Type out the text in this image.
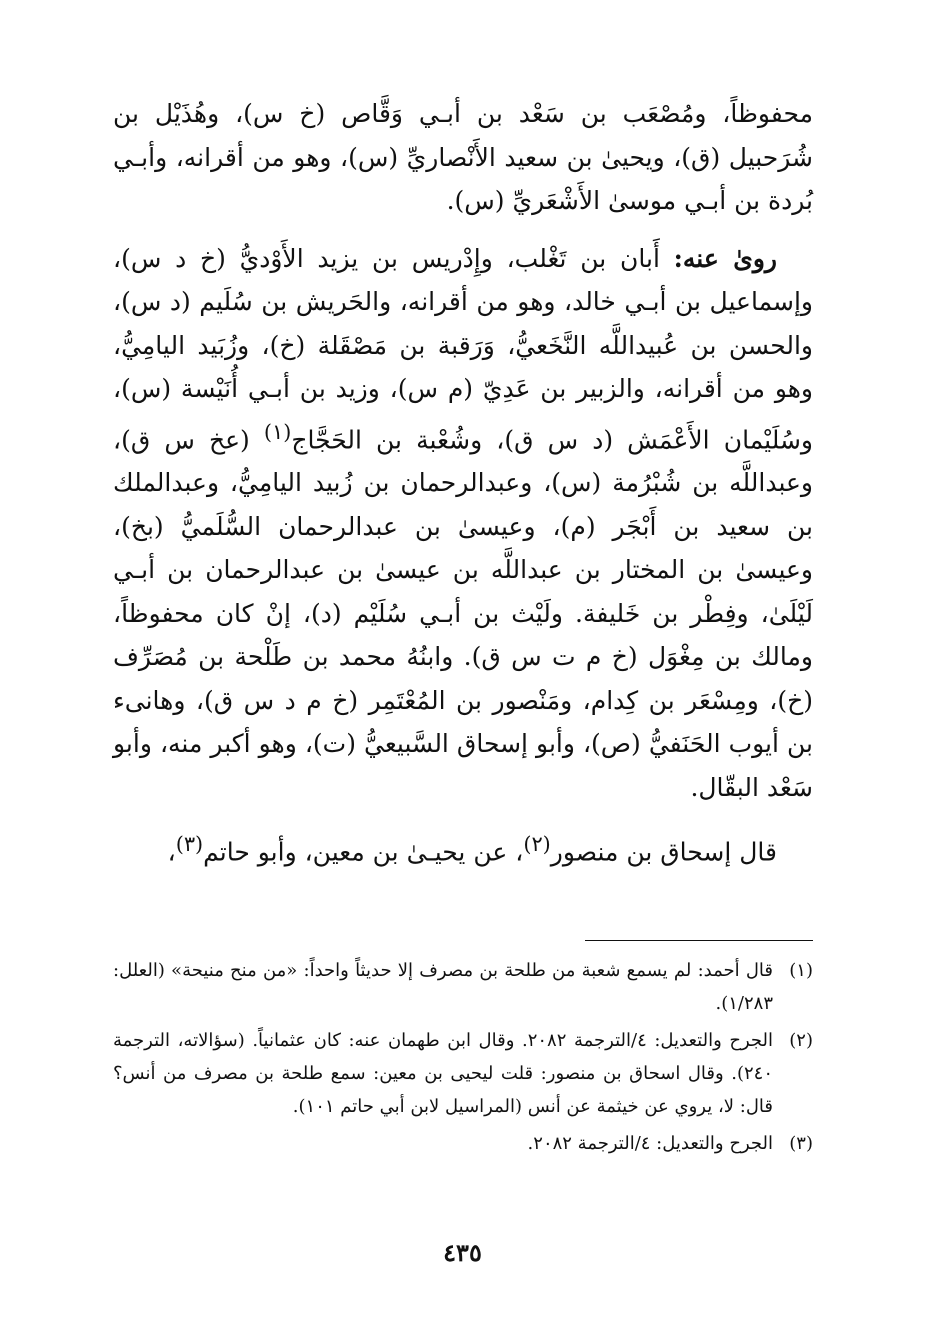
محفوظاً، ومُصْعَب بن سَعْد بن أبـي وَقَّاص (خ س)، وهُذَيْل بن شُرَحبيل (ق)، ويحيىٰ بن سعيد الأَنْصاريِّ (س)، وهو من أقرانه، وأبـي بُردة بن أبـي موسىٰ الأَشْعَريِّ (س).

روىٰ عنه: أَبان بن تَغْلب، وإِدْريس بن يزيد الأَوْديُّ (خ د س)، وإسماعيل بن أبـي خالد، وهو من أقرانه، والحَريش بن سُلَيم (د س)، والحسن بن عُبيداللَّه النَّخَعيُّ، وَرَقبة بن مَصْقَلة (خ)، وزُبَيد اليامِيُّ، وهو من أقرانه، والزبير بن عَدِيّ (م س)، وزيد بن أبـي أُنَيْسة (س)، وسُلَيْمان الأَعْمَش (د س ق)، وشُعْبة بن الحَجَّاج$^{(١)}$ (عخ س ق)، وعبداللَّه بن شُبْرُمة (س)، وعبدالرحمان بن زُبيد اليامِيُّ، وعبدالملك بن سعيد بن أَبْجَر (م)، وعيسىٰ بن عبدالرحمان السُّلَميُّ (بخ)، وعيسىٰ بن المختار بن عبداللَّه بن عيسىٰ بن عبدالرحمان بن أبـي لَيْلَىٰ، وفِطْر بن خَليفة. ولَيْث بن أبـي سُلَيْم (د)، إنْ كان محفوظاً، ومالك بن مِغْوَل (خ م ت س ق). وابنُهُ محمد بن طَلْحة بن مُصَرِّف (خ)، ومِسْعَر بن كِدام، ومَنْصور بن المُعْتَمِر (خ م د س ق)، وهانىء بن أيوب الحَنَفيُّ (ص)، وأبو إسحاق السَّبيعيُّ (ت)، وهو أكبر منه، وأبو سَعْد البقّال.

قال إسحاق بن منصور$^{(٢)}$، عن يحيـىٰ بن معين، وأبو حاتم$^{(٣)}$،

(١)
قال أحمد: لم يسمع شعبة من طلحة بن مصرف إلا حديثاً واحداً: «من منح منيحة» (العلل: ١/٢٨٣).

(٢)
الجرح والتعديل: ٤/الترجمة ٢٠٨٢. وقال ابن طهمان عنه: كان عثمانياً. (سؤالاته، الترجمة ٢٤٠). وقال اسحاق بن منصور: قلت ليحيى بن معين: سمع طلحة بن مصرف من أنس؟ قال: لا، يروي عن خيثمة عن أنس (المراسيل لابن أبي حاتم ١٠١).

(٣)
الجرح والتعديل: ٤/الترجمة ٢٠٨٢.

٤٣٥
